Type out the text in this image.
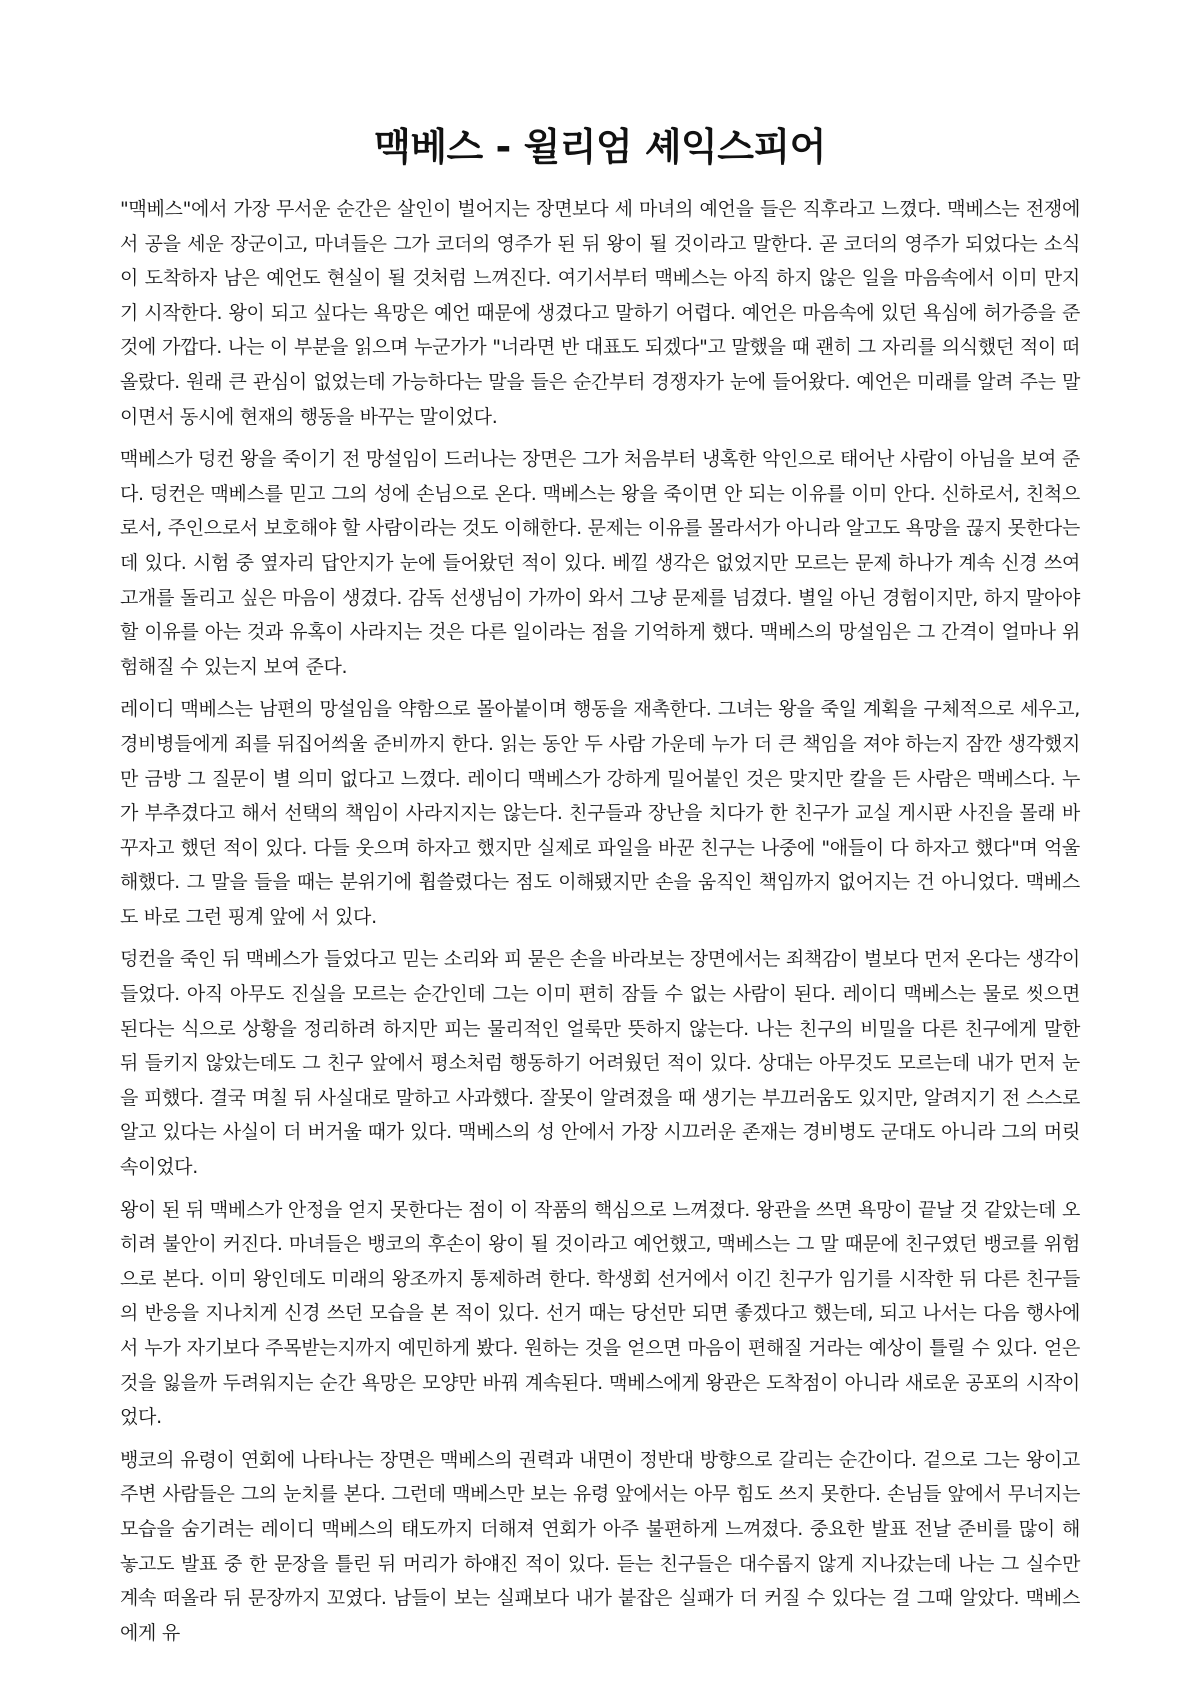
맥베스 - 윌리엄 셰익스피어

"맥베스"에서 가장 무서운 순간은 살인이 벌어지는 장면보다 세 마녀의 예언을 들은 직후라고 느꼈다. 맥베스는 전쟁에서 공을 세운 장군이고, 마녀들은 그가 코더의 영주가 된 뒤 왕이 될 것이라고 말한다. 곧 코더의 영주가 되었다는 소식이 도착하자 남은 예언도 현실이 될 것처럼 느껴진다. 여기서부터 맥베스는 아직 하지 않은 일을 마음속에서 이미 만지기 시작한다. 왕이 되고 싶다는 욕망은 예언 때문에 생겼다고 말하기 어렵다. 예언은 마음속에 있던 욕심에 허가증을 준 것에 가깝다. 나는 이 부분을 읽으며 누군가가 "너라면 반 대표도 되겠다"고 말했을 때 괜히 그 자리를 의식했던 적이 떠올랐다. 원래 큰 관심이 없었는데 가능하다는 말을 들은 순간부터 경쟁자가 눈에 들어왔다. 예언은 미래를 알려 주는 말이면서 동시에 현재의 행동을 바꾸는 말이었다.

맥베스가 덩컨 왕을 죽이기 전 망설임이 드러나는 장면은 그가 처음부터 냉혹한 악인으로 태어난 사람이 아님을 보여 준다. 덩컨은 맥베스를 믿고 그의 성에 손님으로 온다. 맥베스는 왕을 죽이면 안 되는 이유를 이미 안다. 신하로서, 친척으로서, 주인으로서 보호해야 할 사람이라는 것도 이해한다. 문제는 이유를 몰라서가 아니라 알고도 욕망을 끊지 못한다는 데 있다. 시험 중 옆자리 답안지가 눈에 들어왔던 적이 있다. 베낄 생각은 없었지만 모르는 문제 하나가 계속 신경 쓰여 고개를 돌리고 싶은 마음이 생겼다. 감독 선생님이 가까이 와서 그냥 문제를 넘겼다. 별일 아닌 경험이지만, 하지 말아야 할 이유를 아는 것과 유혹이 사라지는 것은 다른 일이라는 점을 기억하게 했다. 맥베스의 망설임은 그 간격이 얼마나 위험해질 수 있는지 보여 준다.

레이디 맥베스는 남편의 망설임을 약함으로 몰아붙이며 행동을 재촉한다. 그녀는 왕을 죽일 계획을 구체적으로 세우고, 경비병들에게 죄를 뒤집어씌울 준비까지 한다. 읽는 동안 두 사람 가운데 누가 더 큰 책임을 져야 하는지 잠깐 생각했지만 금방 그 질문이 별 의미 없다고 느꼈다. 레이디 맥베스가 강하게 밀어붙인 것은 맞지만 칼을 든 사람은 맥베스다. 누가 부추겼다고 해서 선택의 책임이 사라지지는 않는다. 친구들과 장난을 치다가 한 친구가 교실 게시판 사진을 몰래 바꾸자고 했던 적이 있다. 다들 웃으며 하자고 했지만 실제로 파일을 바꾼 친구는 나중에 "애들이 다 하자고 했다"며 억울해했다. 그 말을 들을 때는 분위기에 휩쓸렸다는 점도 이해됐지만 손을 움직인 책임까지 없어지는 건 아니었다. 맥베스도 바로 그런 핑계 앞에 서 있다.

덩컨을 죽인 뒤 맥베스가 들었다고 믿는 소리와 피 묻은 손을 바라보는 장면에서는 죄책감이 벌보다 먼저 온다는 생각이 들었다. 아직 아무도 진실을 모르는 순간인데 그는 이미 편히 잠들 수 없는 사람이 된다. 레이디 맥베스는 물로 씻으면 된다는 식으로 상황을 정리하려 하지만 피는 물리적인 얼룩만 뜻하지 않는다. 나는 친구의 비밀을 다른 친구에게 말한 뒤 들키지 않았는데도 그 친구 앞에서 평소처럼 행동하기 어려웠던 적이 있다. 상대는 아무것도 모르는데 내가 먼저 눈을 피했다. 결국 며칠 뒤 사실대로 말하고 사과했다. 잘못이 알려졌을 때 생기는 부끄러움도 있지만, 알려지기 전 스스로 알고 있다는 사실이 더 버거울 때가 있다. 맥베스의 성 안에서 가장 시끄러운 존재는 경비병도 군대도 아니라 그의 머릿속이었다.

왕이 된 뒤 맥베스가 안정을 얻지 못한다는 점이 이 작품의 핵심으로 느껴졌다. 왕관을 쓰면 욕망이 끝날 것 같았는데 오히려 불안이 커진다. 마녀들은 뱅코의 후손이 왕이 될 것이라고 예언했고, 맥베스는 그 말 때문에 친구였던 뱅코를 위험으로 본다. 이미 왕인데도 미래의 왕조까지 통제하려 한다. 학생회 선거에서 이긴 친구가 임기를 시작한 뒤 다른 친구들의 반응을 지나치게 신경 쓰던 모습을 본 적이 있다. 선거 때는 당선만 되면 좋겠다고 했는데, 되고 나서는 다음 행사에서 누가 자기보다 주목받는지까지 예민하게 봤다. 원하는 것을 얻으면 마음이 편해질 거라는 예상이 틀릴 수 있다. 얻은 것을 잃을까 두려워지는 순간 욕망은 모양만 바꿔 계속된다. 맥베스에게 왕관은 도착점이 아니라 새로운 공포의 시작이었다.

뱅코의 유령이 연회에 나타나는 장면은 맥베스의 권력과 내면이 정반대 방향으로 갈리는 순간이다. 겉으로 그는 왕이고 주변 사람들은 그의 눈치를 본다. 그런데 맥베스만 보는 유령 앞에서는 아무 힘도 쓰지 못한다. 손님들 앞에서 무너지는 모습을 숨기려는 레이디 맥베스의 태도까지 더해져 연회가 아주 불편하게 느껴졌다. 중요한 발표 전날 준비를 많이 해 놓고도 발표 중 한 문장을 틀린 뒤 머리가 하얘진 적이 있다. 듣는 친구들은 대수롭지 않게 지나갔는데 나는 그 실수만 계속 떠올라 뒤 문장까지 꼬였다. 남들이 보는 실패보다 내가 붙잡은 실패가 더 커질 수 있다는 걸 그때 알았다. 맥베스에게 유
